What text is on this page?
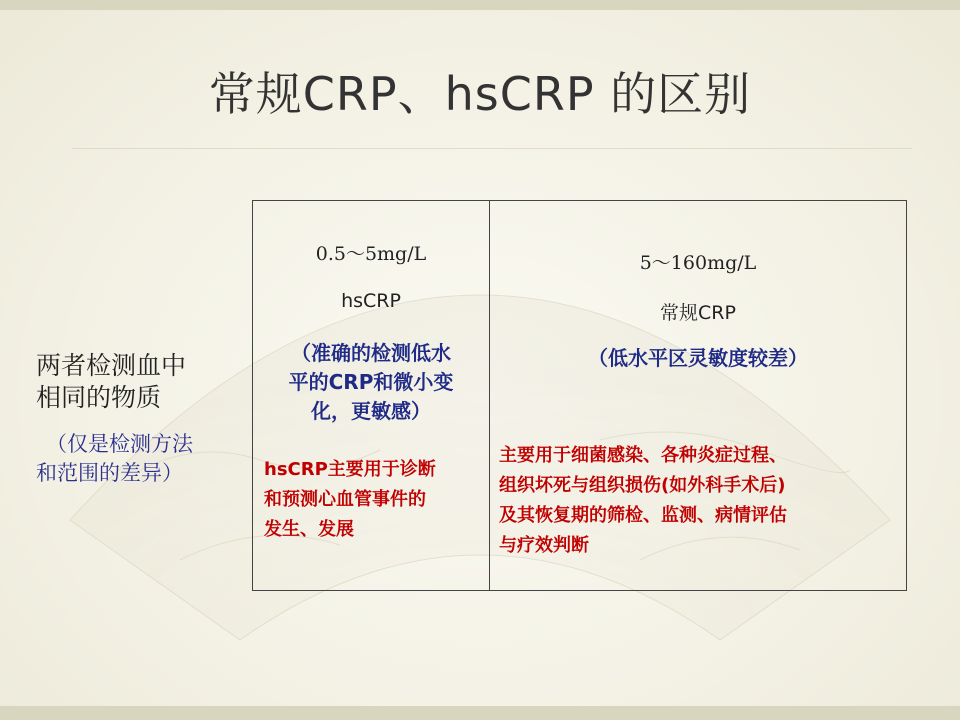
常规CRP、hsCRP 的区别
两者检测血中
相同的物质
（仅是检测方法
和范围的差异）
0.5～5mg/L
hsCRP
（准确的检测低水
平的CRP和微小变
化，更敏感）
hsCRP主要用于诊断
和预测心血管事件的
发生、发展
5～160mg/L
常规CRP
（低水平区灵敏度较差）
主要用于细菌感染、各种炎症过程、
组织坏死与组织损伤(如外科手术后)
及其恢复期的筛检、监测、病情评估
与疗效判断
